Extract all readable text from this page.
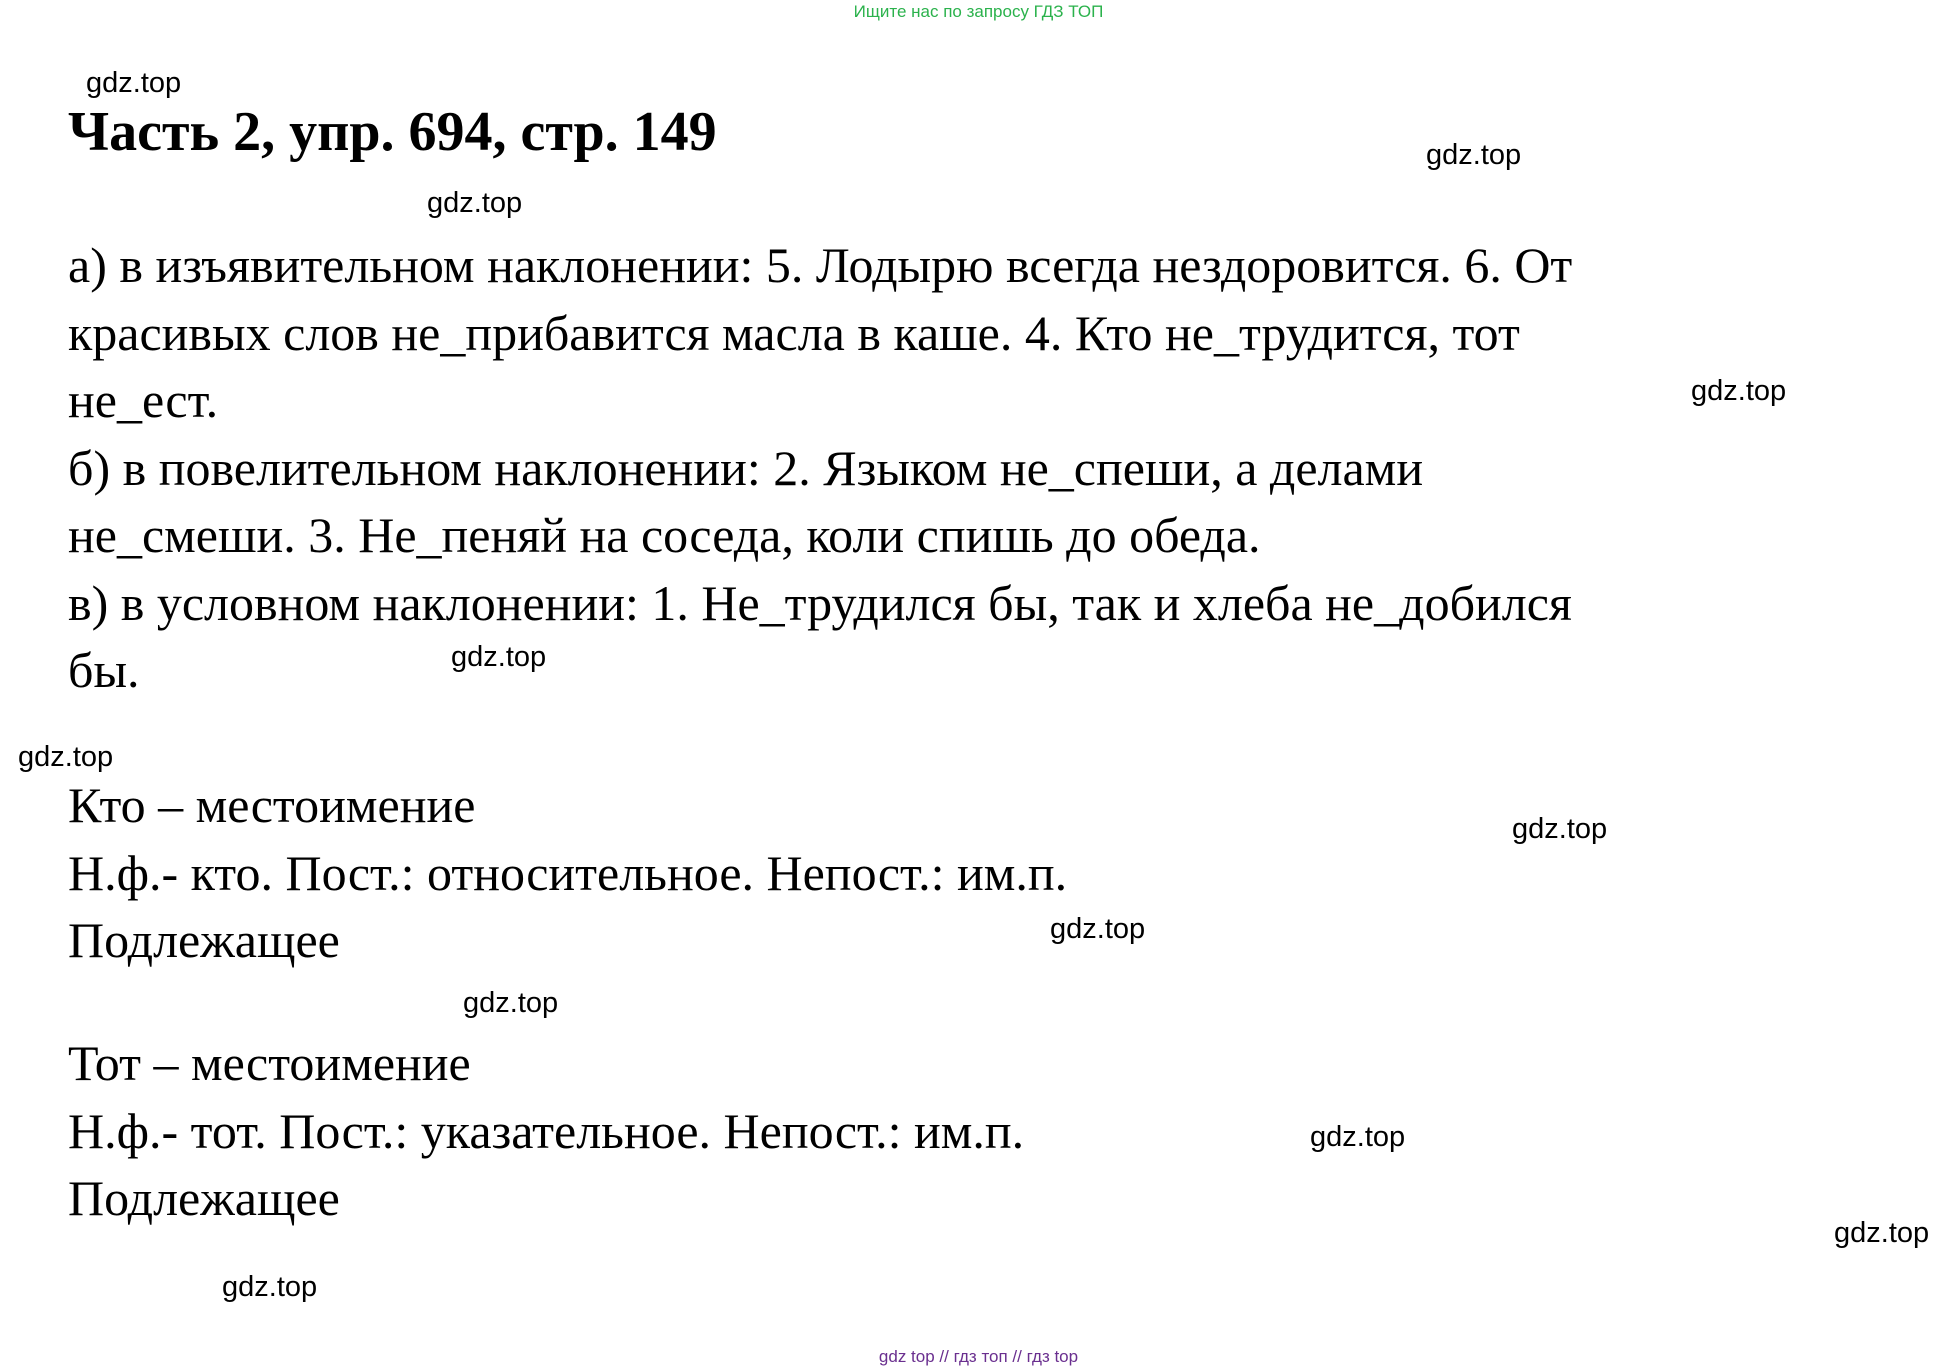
Ищите нас по запросу ГДЗ ТОП
Часть 2, упр. 694, стр. 149

а) в изъявительном наклонении: 5. Лодырю всегда нездоровится. 6. От

красивых слов не_прибавится масла в каше. 4. Кто не_трудится, тот

не_ест.

б) в повелительном наклонении: 2. Языком не_спеши, а делами

не_смеши. 3. Не_пеняй на соседа, коли спишь до обеда.

в) в условном наклонении: 1. Не_трудился бы, так и хлеба не_добился

бы.

Кто – местоимение

Н.ф.- кто. Пост.: относительное. Непост.: им.п.

Подлежащее

Тот – местоимение

Н.ф.- тот. Пост.: указательное. Непост.: им.п.

Подлежащее

gdz.top
gdz.top
gdz.top
gdz.top
gdz.top
gdz.top
gdz.top
gdz.top
gdz.top
gdz.top
gdz.top
gdz.top
gdz top // гдз топ // гдз top
